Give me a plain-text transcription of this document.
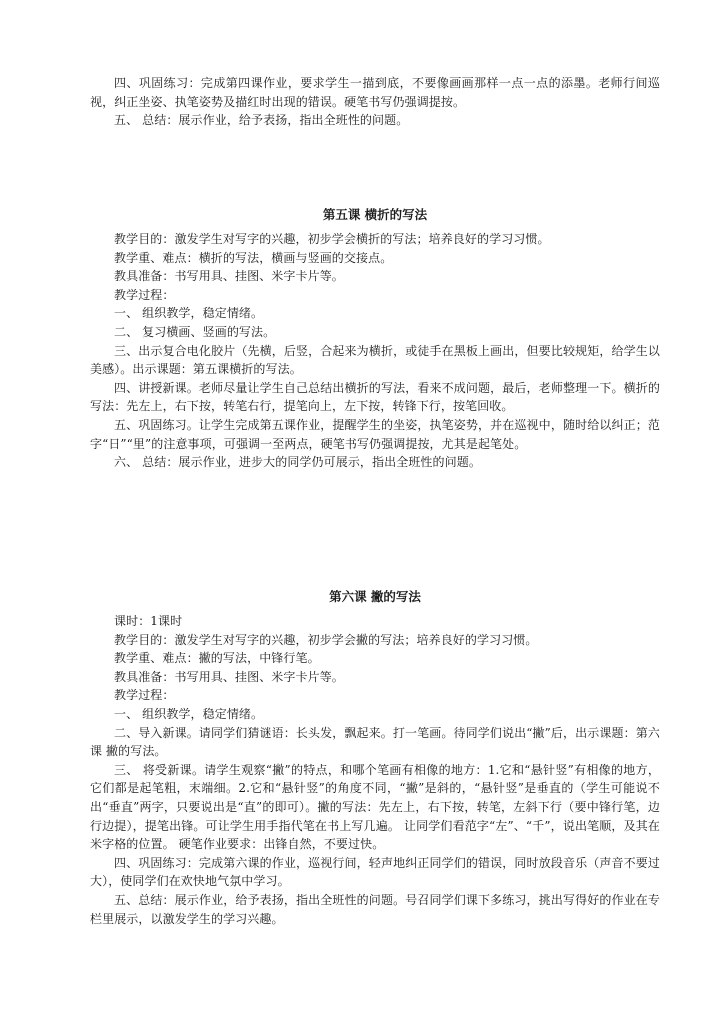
四、巩固练习：完成第四课作业，要求学生一描到底，不要像画画那样一点一点的添墨。老师行间巡视，纠正坐姿、执笔姿势及描红时出现的错误。硬笔书写仍强调提按。

五、 总结：展示作业，给予表扬，指出全班性的问题。

第五课 横折的写法

教学目的：激发学生对写字的兴趣，初步学会横折的写法；培养良好的学习习惯。

教学重、难点：横折的写法，横画与竖画的交接点。

教具准备：书写用具、挂图、米字卡片等。

教学过程：

一、 组织教学，稳定情绪。

二、 复习横画、竖画的写法。

三、出示复合电化胶片（先横，后竖，合起来为横折，或徒手在黑板上画出，但要比较规矩，给学生以美感）。出示课题：第五课横折的写法。

四、讲授新课。老师尽量让学生自己总结出横折的写法，看来不成问题，最后，老师整理一下。横折的写法：先左上，右下按，转笔右行，提笔向上，左下按，转锋下行，按笔回收。

五、巩固练习。让学生完成第五课作业，提醒学生的坐姿，执笔姿势，并在巡视中，随时给以纠正；范字“日”“里”的注意事项，可强调一至两点，硬笔书写仍强调提按，尤其是起笔处。

六、 总结：展示作业，进步大的同学仍可展示，指出全班性的问题。

第六课 撇的写法

课时：1课时

教学目的：激发学生对写字的兴趣，初步学会撇的写法；培养良好的学习习惯。

教学重、难点：撇的写法，中锋行笔。

教具准备：书写用具、挂图、米字卡片等。

教学过程：

一、 组织教学，稳定情绪。

二、导入新课。请同学们猜谜语：长头发，飘起来。打一笔画。待同学们说出“撇”后，出示课题：第六课 撇的写法。

三、 将受新课。请学生观察“撇”的特点，和哪个笔画有相像的地方：1.它和“悬针竖”有相像的地方，它们都是起笔粗，末端细。2.它和“悬针竖”的角度不同，“撇”是斜的，“悬针竖”是垂直的（学生可能说不出“垂直”两字，只要说出是“直”的即可）。撇的写法：先左上，右下按，转笔，左斜下行（要中锋行笔，边行边提），提笔出锋。可让学生用手指代笔在书上写几遍。 让同学们看范字“左”、“千”，说出笔顺，及其在米字格的位置。 硬笔作业要求：出锋自然，不要过快。

四、巩固练习：完成第六课的作业，巡视行间，轻声地纠正同学们的错误，同时放段音乐（声音不要过大），使同学们在欢快地气氛中学习。

五、总结：展示作业，给予表扬，指出全班性的问题。号召同学们课下多练习，挑出写得好的作业在专栏里展示，以激发学生的学习兴趣。
